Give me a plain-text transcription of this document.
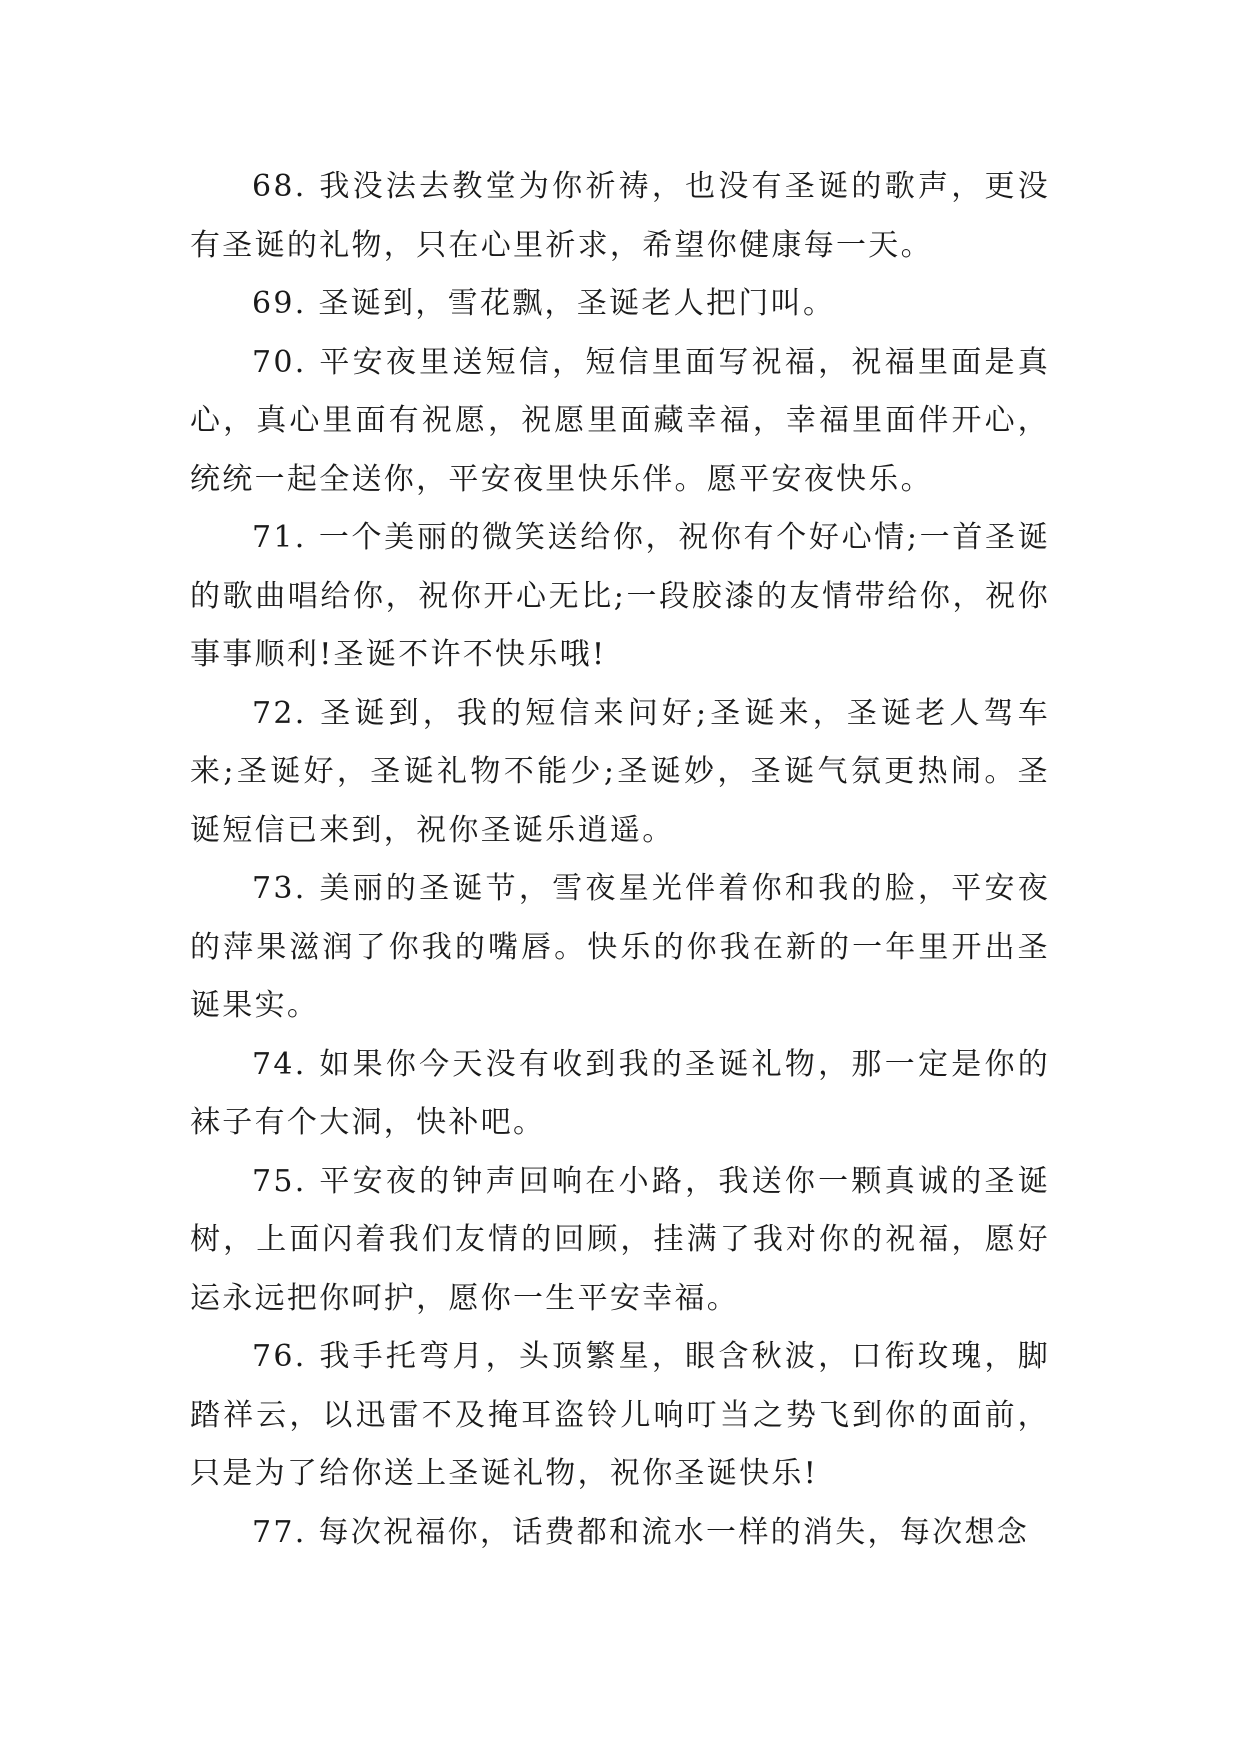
68. 我没法去教堂为你祈祷，也没有圣诞的歌声，更没有圣诞的礼物，只在心里祈求，希望你健康每一天。

69. 圣诞到，雪花飘，圣诞老人把门叫。

70. 平安夜里送短信，短信里面写祝福，祝福里面是真心，真心里面有祝愿，祝愿里面藏幸福，幸福里面伴开心，统统一起全送你，平安夜里快乐伴。愿平安夜快乐。

71. 一个美丽的微笑送给你，祝你有个好心情;一首圣诞的歌曲唱给你，祝你开心无比;一段胶漆的友情带给你，祝你事事顺利!圣诞不许不快乐哦!

72. 圣诞到，我的短信来问好;圣诞来，圣诞老人驾车来;圣诞好，圣诞礼物不能少;圣诞妙，圣诞气氛更热闹。圣诞短信已来到，祝你圣诞乐逍遥。

73. 美丽的圣诞节，雪夜星光伴着你和我的脸，平安夜的萍果滋润了你我的嘴唇。快乐的你我在新的一年里开出圣诞果实。

74. 如果你今天没有收到我的圣诞礼物，那一定是你的袜子有个大洞，快补吧。

75. 平安夜的钟声回响在小路，我送你一颗真诚的圣诞树，上面闪着我们友情的回顾，挂满了我对你的祝福，愿好运永远把你呵护，愿你一生平安幸福。

76. 我手托弯月，头顶繁星，眼含秋波，口衔玫瑰，脚踏祥云，以迅雷不及掩耳盗铃儿响叮当之势飞到你的面前，只是为了给你送上圣诞礼物，祝你圣诞快乐!

77. 每次祝福你，话费都和流水一样的消失，每次想念
